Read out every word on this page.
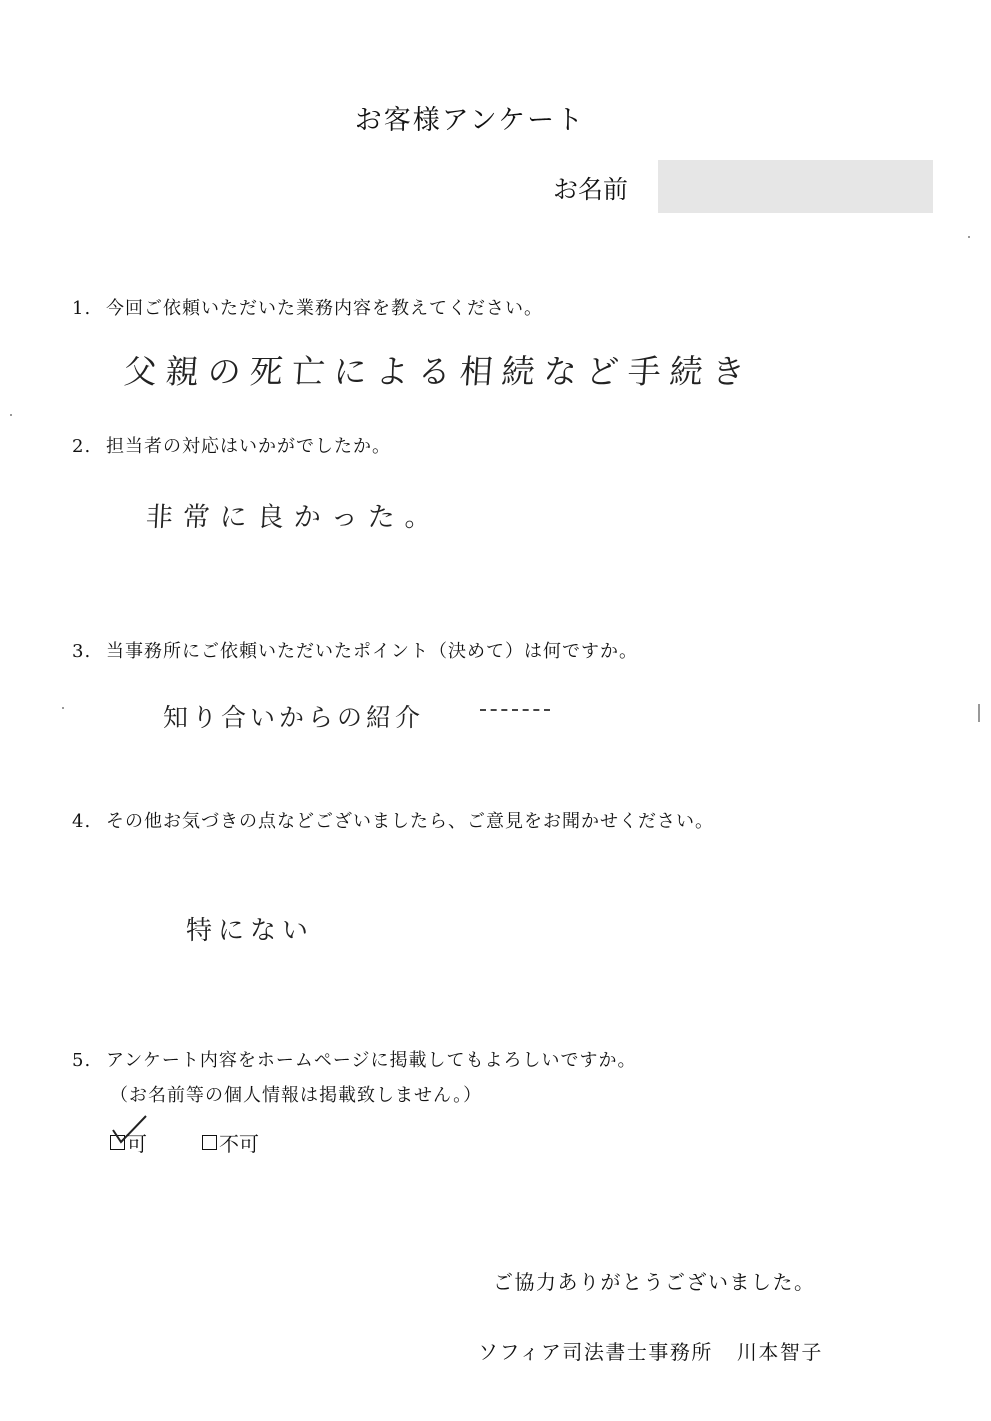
お客様アンケート
お名前
1. 今回ご依頼いただいた業務内容を教えてください。
父親の死亡による相続など手続き
2. 担当者の対応はいかがでしたか。
非常に良かった。
3. 当事務所にご依頼いただいたポイント（決めて）は何ですか。
知り合いからの紹介
4. その他お気づきの点などございましたら、ご意見をお聞かせください。
特にない
5. アンケート内容をホームページに掲載してもよろしいですか。
（お名前等の個人情報は掲載致しません。）
可	不可
ご協力ありがとうございました。
ソフィア司法書士事務所 川本智子
